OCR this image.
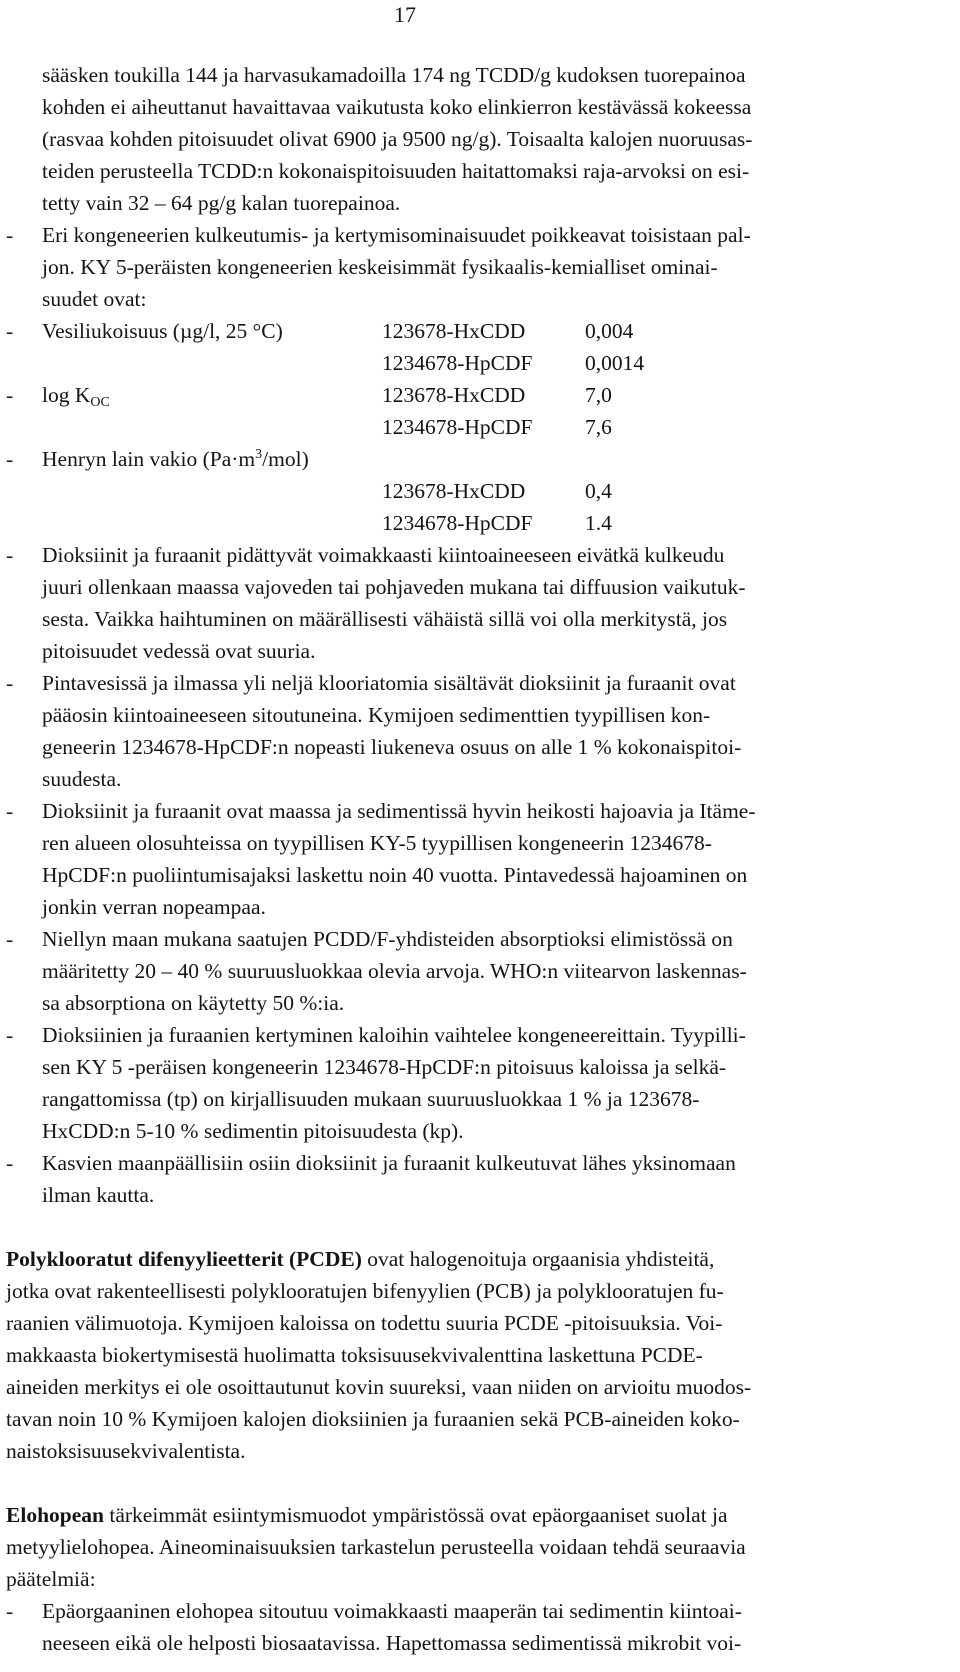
17
sääsken toukilla 144 ja harvasukamadoilla 174 ng TCDD/g kudoksen tuorepainoa
kohden ei aiheuttanut havaittavaa vaikutusta koko elinkierron kestävässä kokeessa
(rasvaa kohden pitoisuudet olivat 6900 ja 9500 ng/g). Toisaalta kalojen nuoruusas-
teiden perusteella TCDD:n kokonaispitoisuuden haitattomaksi raja-arvoksi on esi-
tetty vain 32 – 64 pg/g kalan tuorepainoa.
- Eri kongeneerien kulkeutumis- ja kertymisominaisuudet poikkeavat toisistaan pal-
jon. KY 5-peräisten kongeneerien keskeisimmät fysikaalis-kemialliset ominai-
suudet ovat:
- Vesiliukoisuus (µg/l, 25 °C)	123678-HxCDD	0,004
1234678-HpCDF 0,0014
- $\log K_{OC}$	123678-HxCDD	7,0
1234678-HpCDF 7,6
- Henryn lain vakio $(Pa\cdot m^3/mol)$
123678-HxCDD	0,4
1234678-HpCDF 1.4
- Dioksiinit ja furaanit pidättyvät voimakkaasti kiintoaineeseen eivätkä kulkeudu
juuri ollenkaan maassa vajoveden tai pohjaveden mukana tai diffuusion vaikutuk-
sesta. Vaikka haihtuminen on määrällisesti vähäistä sillä voi olla merkitystä, jos
pitoisuudet vedessä ovat suuria.
- Pintavesissä ja ilmassa yli neljä klooriatomia sisältävät dioksiinit ja furaanit ovat
pääosin kiintoaineeseen sitoutuneina. Kymijoen sedimenttien tyypillisen kon-
geneerin 1234678-HpCDF:n nopeasti liukeneva osuus on alle 1 % kokonaispitoi-
suudesta.
- Dioksiinit ja furaanit ovat maassa ja sedimentissä hyvin heikosti hajoavia ja Itäme-
ren alueen olosuhteissa on tyypillisen KY-5 tyypillisen kongeneerin 1234678-
HpCDF:n puoliintumisajaksi laskettu noin 40 vuotta. Pintavedessä hajoaminen on
jonkin verran nopeampaa.
- Niellyn maan mukana saatujen PCDD/F-yhdisteiden absorptioksi elimistössä on
määritetty 20 – 40 % suuruusluokkaa olevia arvoja. WHO:n viitearvon laskennas-
sa absorptiona on käytetty 50 %:ia.
- Dioksiinien ja furaanien kertyminen kaloihin vaihtelee kongeneereittain. Tyypilli-
sen KY 5 -peräisen kongeneerin 1234678-HpCDF:n pitoisuus kaloissa ja selkä-
rangattomissa (tp) on kirjallisuuden mukaan suuruusluokkaa 1 % ja 123678-
HxCDD:n 5-10 % sedimentin pitoisuudesta (kp).
- Kasvien maanpäällisiin osiin dioksiinit ja furaanit kulkeutuvat lähes yksinomaan
ilman kautta.
Polyklooratut difenyylieetterit (PCDE) ovat halogenoituja orgaanisia yhdisteitä,
jotka ovat rakenteellisesti polyklooratujen bifenyylien (PCB) ja polyklooratujen fu-
raanien välimuotoja. Kymijoen kaloissa on todettu suuria PCDE -pitoisuuksia. Voi-
makkaasta biokertymisestä huolimatta toksisuusekvivalenttina laskettuna PCDE-
aineiden merkitys ei ole osoittautunut kovin suureksi, vaan niiden on arvioitu muodos-
tavan noin 10 % Kymijoen kalojen dioksiinien ja furaanien sekä PCB-aineiden koko-
naistoksisuusekvivalentista.
Elohopean tärkeimmät esiintymismuodot ympäristössä ovat epäorgaaniset suolat ja
metyylielohopea. Aineominaisuuksien tarkastelun perusteella voidaan tehdä seuraavia
päätelmiä:
- Epäorgaaninen elohopea sitoutuu voimakkaasti maaperän tai sedimentin kiintoai-
neeseen eikä ole helposti biosaatavissa. Hapettomassa sedimentissä mikrobit voi-
